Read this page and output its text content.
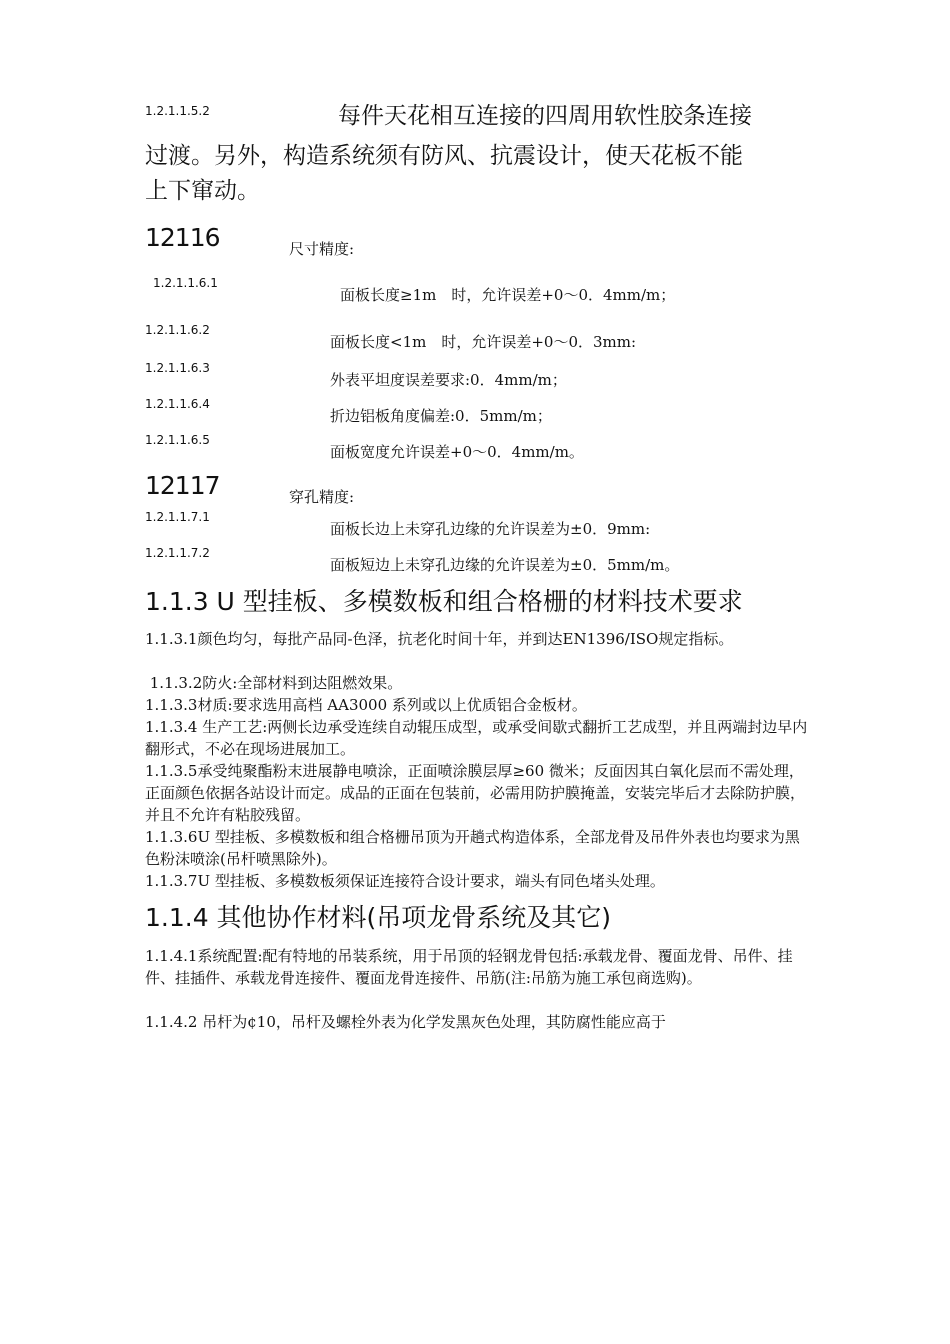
1.2.1.1.5.2	每件天花相互连接的四周用软性胶条连接
过渡。另外，构造系统须有防风、抗震设计，使天花板不能
上下窜动。
12116	尺寸精度:
1.2.1.1.6.1
面板长度≥1m　时，允许误差+0～0．4mm/m；
1.2.1.1.6.2
面板长度<1m　时，允许误差+0～0．3mm:
1.2.1.1.6.3
外表平坦度误差要求:0．4mm/m；
1.2.1.1.6.4
折边铝板角度偏差:0．5mm/m；
1.2.1.1.6.5
面板宽度允许误差+0～0．4mm/m。
12117	穿孔精度:
1.2.1.1.7.1
面板长边上未穿孔边缘的允许误差为±0．9mm:
1.2.1.1.7.2
面板短边上未穿孔边缘的允许误差为±0．5mm/m。
1.1.3 U 型挂板、多模数板和组合格栅的材料技术要求
1.1.3.1颜色均匀，每批产品同-色泽，抗老化时间十年，并到达EN1396/ISO规定指标。
1.1.3.2防火:全部材料到达阻燃效果。
1.1.3.3材质:要求选用高档 AA3000 系列或以上优质铝合金板材。
1.1.3.4 生产工艺:两侧长边承受连续自动辊压成型，或承受间歇式翻折工艺成型，并且两端封边早内翻形式，不必在现场进展加工。
1.1.3.5承受纯聚酯粉末进展静电喷涂，正面喷涂膜层厚≥60 微米；反面因其白氧化层而不需处理，正面颜色依据各站设计而定。成品的正面在包装前，必需用防护膜掩盖，安装完毕后才去除防护膜，并且不允许有粘胶残留。
1.1.3.6U 型挂板、多模数板和组合格栅吊顶为开趟式构造体系，全部龙骨及吊件外表也均要求为黑色粉沫喷涂(吊杆喷黑除外)。
1.1.3.7U 型挂板、多模数板须保证连接符合设计要求，端头有同色堵头处理。
1.1.4 其他协作材料(吊项龙骨系统及其它)
1.1.4.1系统配置:配有特地的吊装系统，用于吊顶的轻钢龙骨包括:承载龙骨、覆面龙骨、吊件、挂件、挂插件、承载龙骨连接件、覆面龙骨连接件、吊筋(注:吊筋为施工承包商选购)。
1.1.4.2 吊杆为¢10，吊杆及螺栓外表为化学发黑灰色处理，其防腐性能应高于
